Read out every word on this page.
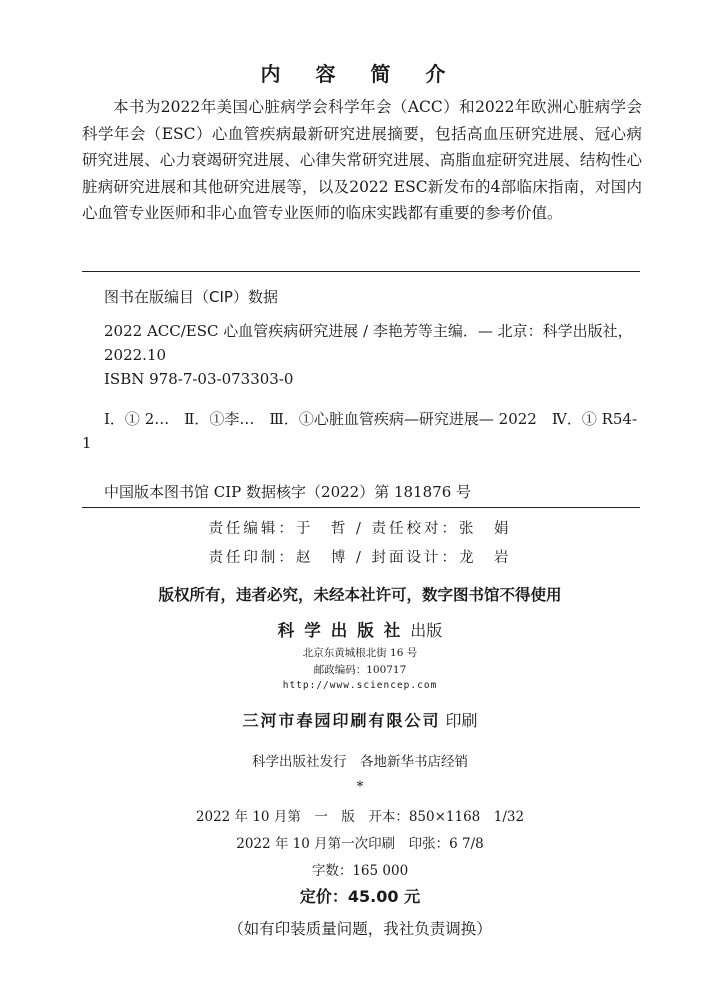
内 容 简 介

本书为2022年美国心脏病学会科学年会（ACC）和2022年欧洲心脏病学会科学年会（ESC）心血管疾病最新研究进展摘要，包括高血压研究进展、冠心病研究进展、心力衰竭研究进展、心律失常研究进展、高脂血症研究进展、结构性心脏病研究进展和其他研究进展等，以及2022 ESC新发布的4部临床指南，对国内心血管专业医师和非心血管专业医师的临床实践都有重要的参考价值。

图书在版编目（CIP）数据

2022 ACC/ESC 心血管疾病研究进展 / 李艳芳等主编．— 北京：科学出版社，2022.10

ISBN 978-7-03-073303-0

Ⅰ．① 2…　Ⅱ．①李…　Ⅲ．①心脏血管疾病—研究进展— 2022　Ⅳ．① R54-1

中国版本图书馆 CIP 数据核字（2022）第 181876 号

责任编辑：于　哲 / 责任校对：张　娟
责任印制：赵　博 / 封面设计：龙　岩
版权所有，违者必究，未经本社许可，数字图书馆不得使用
科学出版社出版
北京东黄城根北街 16 号
邮政编码：100717
http://www.sciencep.com
三河市春园印刷有限公司 印刷
科学出版社发行　各地新华书店经销
*
2022 年 10 月第　一　版　开本：850×1168　1/32
2022 年 10 月第一次印刷　印张：6 7/8
字数：165 000
定价：45.00 元
（如有印装质量问题，我社负责调换）
